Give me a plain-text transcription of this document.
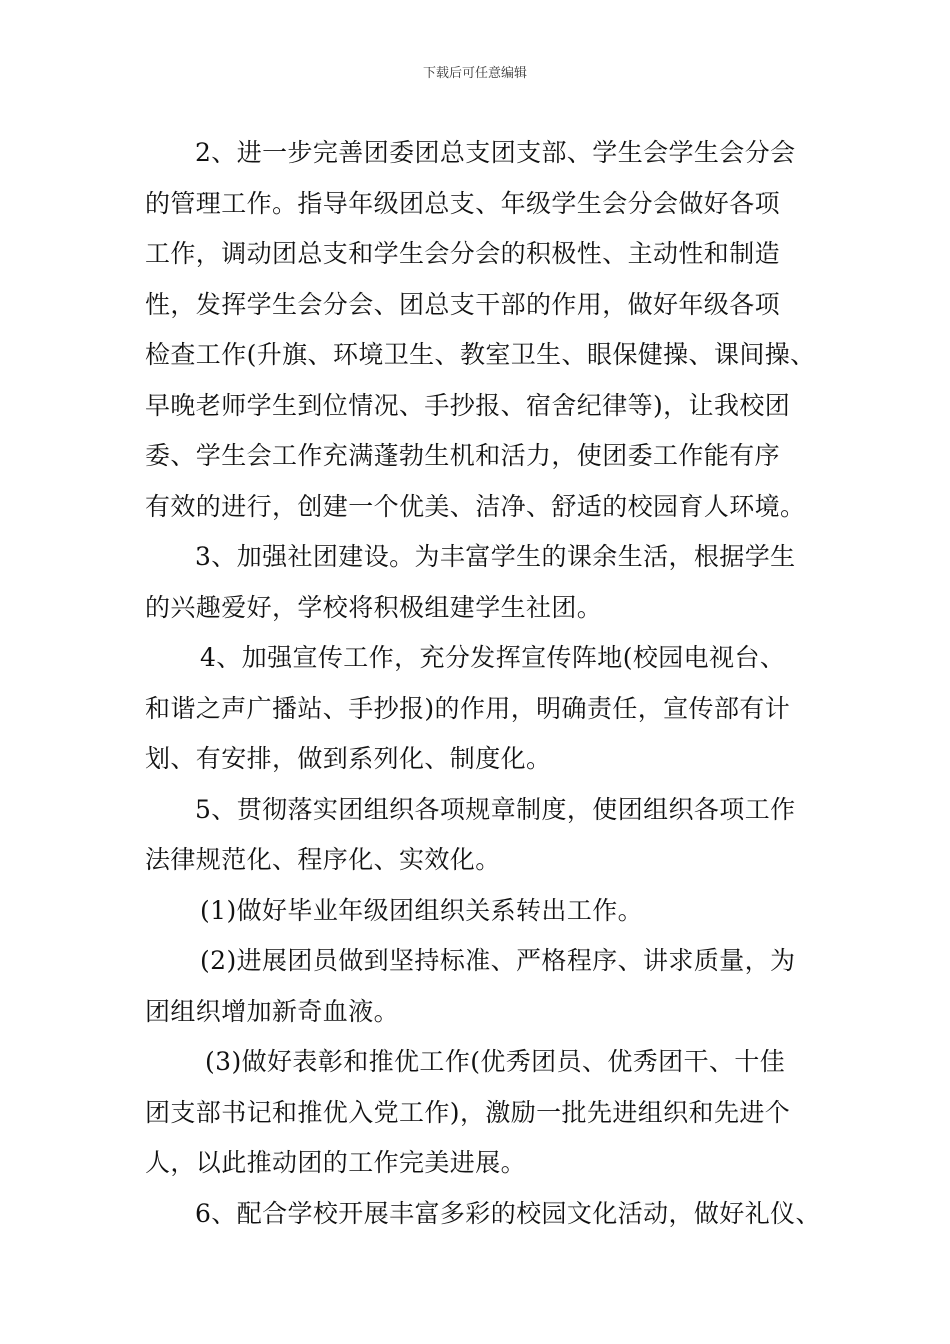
下载后可任意编辑
2、进一步完善团委团总支团支部、学生会学生会分会
的管理工作。指导年级团总支、年级学生会分会做好各项
工作，调动团总支和学生会分会的积极性、主动性和制造
性，发挥学生会分会、团总支干部的作用，做好年级各项
检查工作(升旗、环境卫生、教室卫生、眼保健操、课间操、
早晚老师学生到位情况、手抄报、宿舍纪律等)，让我校团
委、学生会工作充满蓬勃生机和活力，使团委工作能有序
有效的进行，创建一个优美、洁净、舒适的校园育人环境。
3、加强社团建设。为丰富学生的课余生活，根据学生
的兴趣爱好，学校将积极组建学生社团。
4、加强宣传工作，充分发挥宣传阵地(校园电视台、
和谐之声广播站、手抄报)的作用，明确责任，宣传部有计
划、有安排，做到系列化、制度化。
5、贯彻落实团组织各项规章制度，使团组织各项工作
法律规范化、程序化、实效化。
(1)做好毕业年级团组织关系转出工作。
(2)进展团员做到坚持标准、严格程序、讲求质量，为
团组织增加新奇血液。
(3)做好表彰和推优工作(优秀团员、优秀团干、十佳
团支部书记和推优入党工作)，激励一批先进组织和先进个
人，以此推动团的工作完美进展。
6、配合学校开展丰富多彩的校园文化活动，做好礼仪、
